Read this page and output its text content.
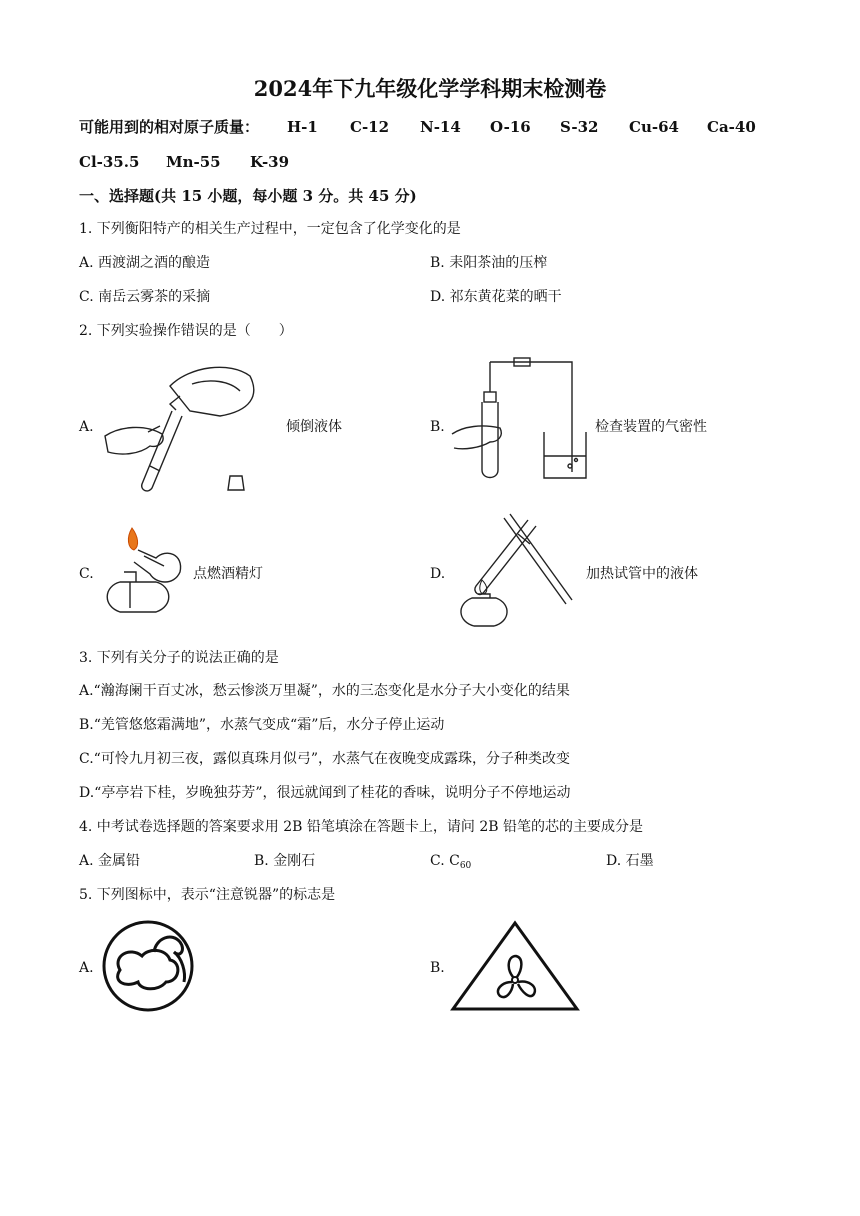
2024年下九年级化学学科期末检测卷
可能用到的相对原子质量： H-1 C-12 N-14 O-16 S-32 Cu-64 Ca-40
Cl-35.5 Mn-55 K-39
一、选择题(共 15 小题，每小题 3 分。共 45 分)
1. 下列衡阳特产的相关生产过程中，一定包含了化学变化的是
A. 西渡湖之酒的酿造	B. 耒阳茶油的压榨
C. 南岳云雾茶的采摘	D. 祁东黄花菜的晒干
2. 下列实验操作错误的是（　　）
A.	倾倒液体	B.	检查装置的气密性
C.	点燃酒精灯	D.	加热试管中的液体
3. 下列有关分子的说法正确的是
A.“瀚海阑干百丈冰，愁云惨淡万里凝”，水的三态变化是水分子大小变化的结果
B.“羌管悠悠霜满地”，水蒸气变成“霜”后，水分子停止运动
C.“可怜九月初三夜，露似真珠月似弓”，水蒸气在夜晚变成露珠，分子种类改变
D.“亭亭岩下桂，岁晚独芬芳”，很远就闻到了桂花的香味，说明分子不停地运动
4. 中考试卷选择题的答案要求用 2B 铅笔填涂在答题卡上，请问 2B 铅笔的芯的主要成分是
A. 金属铅	B. 金刚石	C. $C_{60}$	D. 石墨
5. 下列图标中，表示“注意锐器”的标志是
A.	B.
